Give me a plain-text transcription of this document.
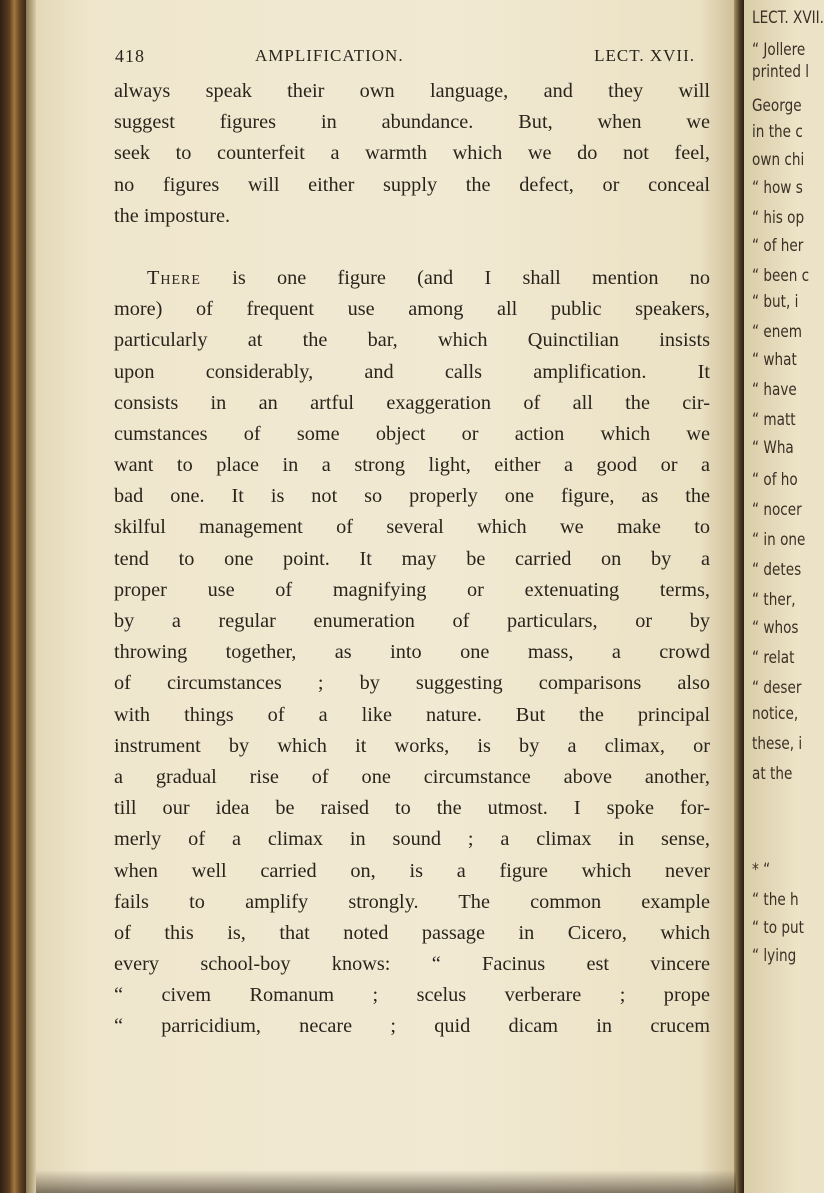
418	AMPLIFICATION.	LECT. XVII.
always speak their own language, and they will
suggest figures in abundance. But, when we
seek to counterfeit a warmth which we do not feel,
no figures will either supply the defect, or conceal
the imposture.
There is one figure (and I shall mention no
more) of frequent use among all public speakers,
particularly at the bar, which Quinctilian insists
upon considerably, and calls amplification. It
consists in an artful exaggeration of all the cir-
cumstances of some object or action which we
want to place in a strong light, either a good or a
bad one. It is not so properly one figure, as the
skilful management of several which we make to
tend to one point. It may be carried on by a
proper use of magnifying or extenuating terms,
by a regular enumeration of particulars, or by
throwing together, as into one mass, a crowd
of circumstances ; by suggesting comparisons also
with things of a like nature. But the principal
instrument by which it works, is by a climax, or
a gradual rise of one circumstance above another,
till our idea be raised to the utmost. I spoke for-
merly of a climax in sound ; a climax in sense,
when well carried on, is a figure which never
fails to amplify strongly. The common example
of this is, that noted passage in Cicero, which
every school-boy knows: “ Facinus est vincere
“ civem Romanum ; scelus verberare ; prope
“ parricidium, necare ; quid dicam in crucem
LECT. XVII.
“ Jollere
printed l
George
in the c
own chi
“ how s
“ his op
“ of her
“ been c
“ but, i
“ enem
“ what
“ have
“ matt
“ Wha
“ of ho
“ nocer
“ in one
“ detes
“ ther,
“ whos
“ relat
“ deser
notice,
these, i
at the
* “
“ the h
“ to put
“ lying
